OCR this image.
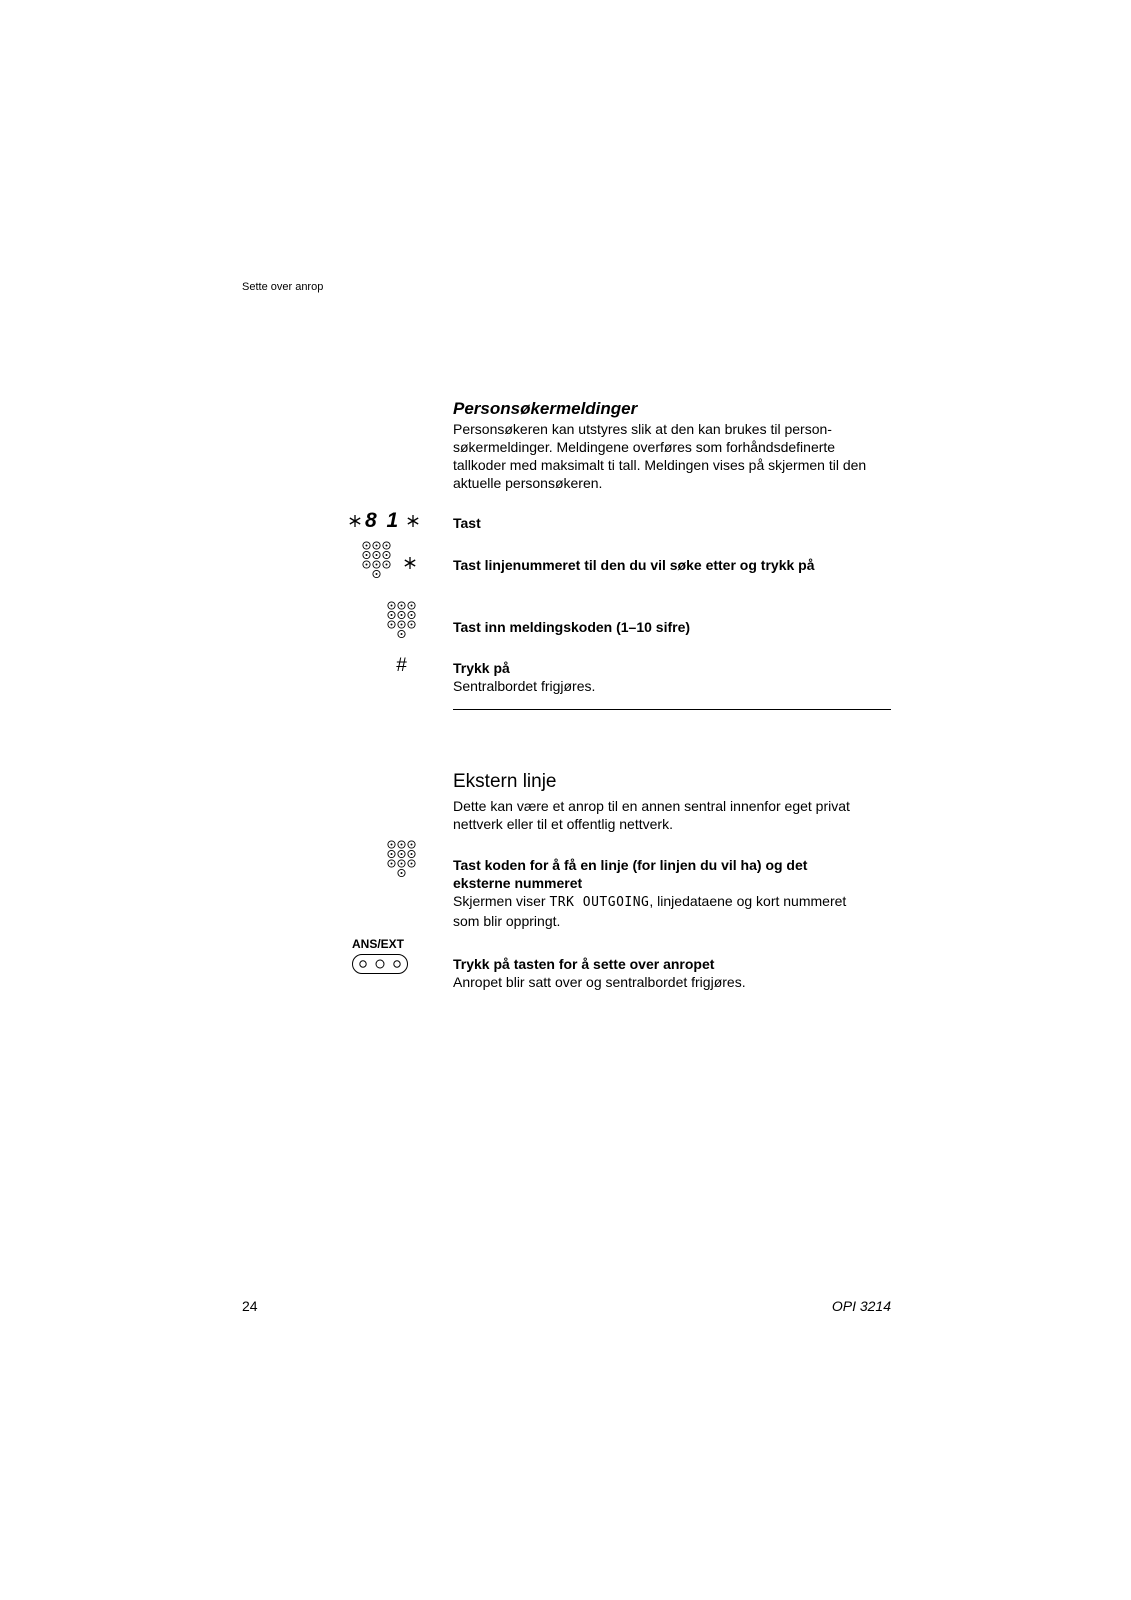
Sette over anrop
Personsøkermeldinger
Personsøkeren kan utstyres slik at den kan brukes til person-
søkermeldinger. Meldingene overføres som forhåndsdefinerte
tallkoder med maksimalt ti tall. Meldingen vises på skjermen til den
aktuelle personsøkeren.
8 1	Tast
Tast linjenummeret til den du vil søke etter og trykk på
Tast inn meldingskoden (1–10 sifre)
#	Trykk på
Sentralbordet frigjøres.
Ekstern linje
Dette kan være et anrop til en annen sentral innenfor eget privat
nettverk eller til et offentlig nettverk.
Tast koden for å få en linje (for linjen du vil ha) og det
eksterne nummeret
Skjermen viser TRK OUTGOING, linjedataene og kort nummeret
som blir oppringt.
ANS/EXT
Trykk på tasten for å sette over anropet
Anropet blir satt over og sentralbordet frigjøres.
24	OPI 3214
